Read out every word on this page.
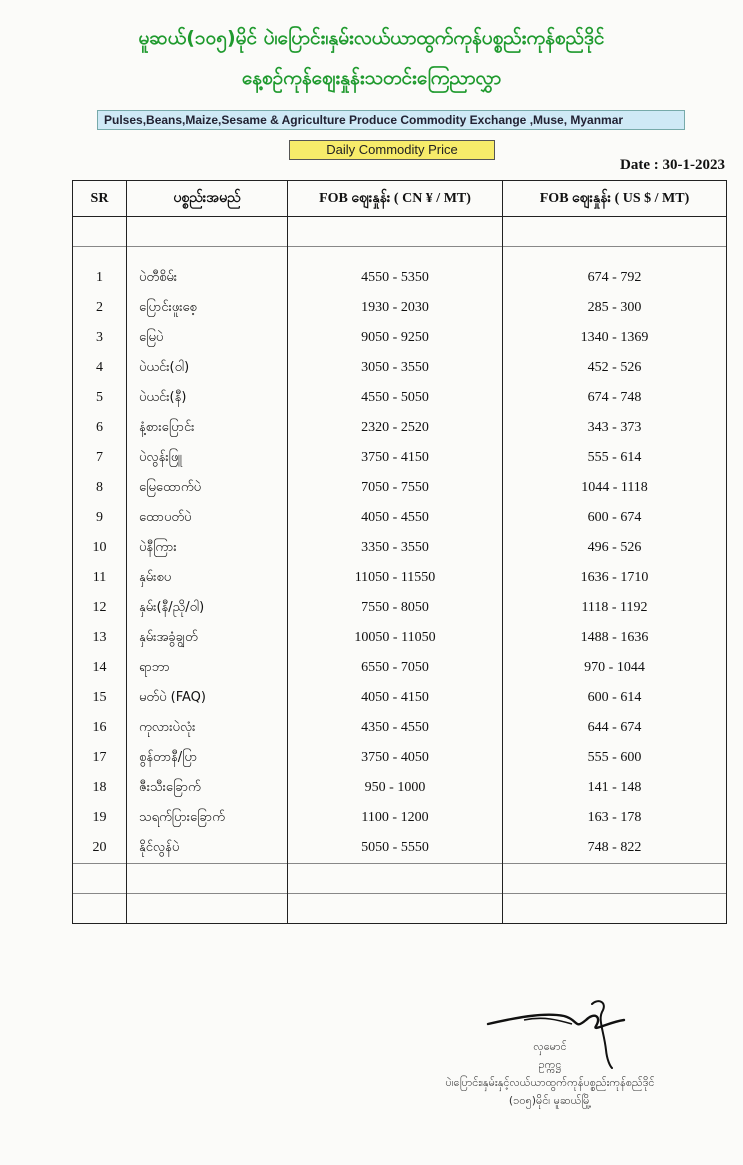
မူဆယ်(၁၀၅)မိုင် ပဲ၊ပြောင်း၊နှမ်းလယ်ယာထွက်ကုန်ပစ္စည်းကုန်စည်ဒိုင်
နေ့စဉ်ကုန်ဈေးနှုန်းသတင်းကြေညာလွှာ
Pulses,Beans,Maize,Sesame & Agriculture Produce Commodity Exchange ,Muse, Myanmar
Daily Commodity Price
Date : 30-1-2023
SR	ပစ္စည်းအမည်	FOB ဈေးနှုန်း ( CN ¥ / MT)	FOB ဈေးနှုန်း ( US $ / MT)

1	ပဲတီစိမ်း	4550 - 5350	674 - 792
2	ပြောင်းဖူးစေ့	1930 - 2030	285 - 300
3	မြေပဲ	9050 - 9250	1340 - 1369
4	ပဲယင်း(ဝါ)	3050 - 3550	452 - 526
5	ပဲယင်း(နီ)	4550 - 5050	674 - 748
6	နံ့စားပြောင်း	2320 - 2520	343 - 373
7	ပဲလွန်းဖြူ	3750 - 4150	555 - 614
8	မြေထောက်ပဲ	7050 - 7550	1044 - 1118
9	ထောပတ်ပဲ	4050 - 4550	600 - 674
10	ပဲနီကြား	3350 - 3550	496 - 526
11	နှမ်းစပ	11050 - 11550	1636 - 1710
12	နှမ်း(နီ/ညို/ဝါ)	7550 - 8050	1118 - 1192
13	နှမ်းအခွံချွတ်	10050 - 11050	1488 - 1636
14	ရာဘာ	6550 - 7050	970 - 1044
15	မတ်ပဲ (FAQ)	4050 - 4150	600 - 614
16	ကုလားပဲလုံး	4350 - 4550	644 - 674
17	စွန်တာနီ/ပြာ	3750 - 4050	555 - 600
18	ဇီးသီးခြောက်	950 - 1000	141 - 148
19	သရက်ပြားခြောက်	1100 - 1200	163 - 178
20	နိုင်လွန်ပဲ	5050 - 5550	748 - 822

လှမောင်
ဥက္ကဋ္ဌ
ပဲ၊ပြောင်း၊နှမ်းနှင့်လယ်ယာထွက်ကုန်ပစ္စည်းကုန်စည်ဒိုင်
(၁၀၅)မိုင်၊ မူဆယ်မြို့
